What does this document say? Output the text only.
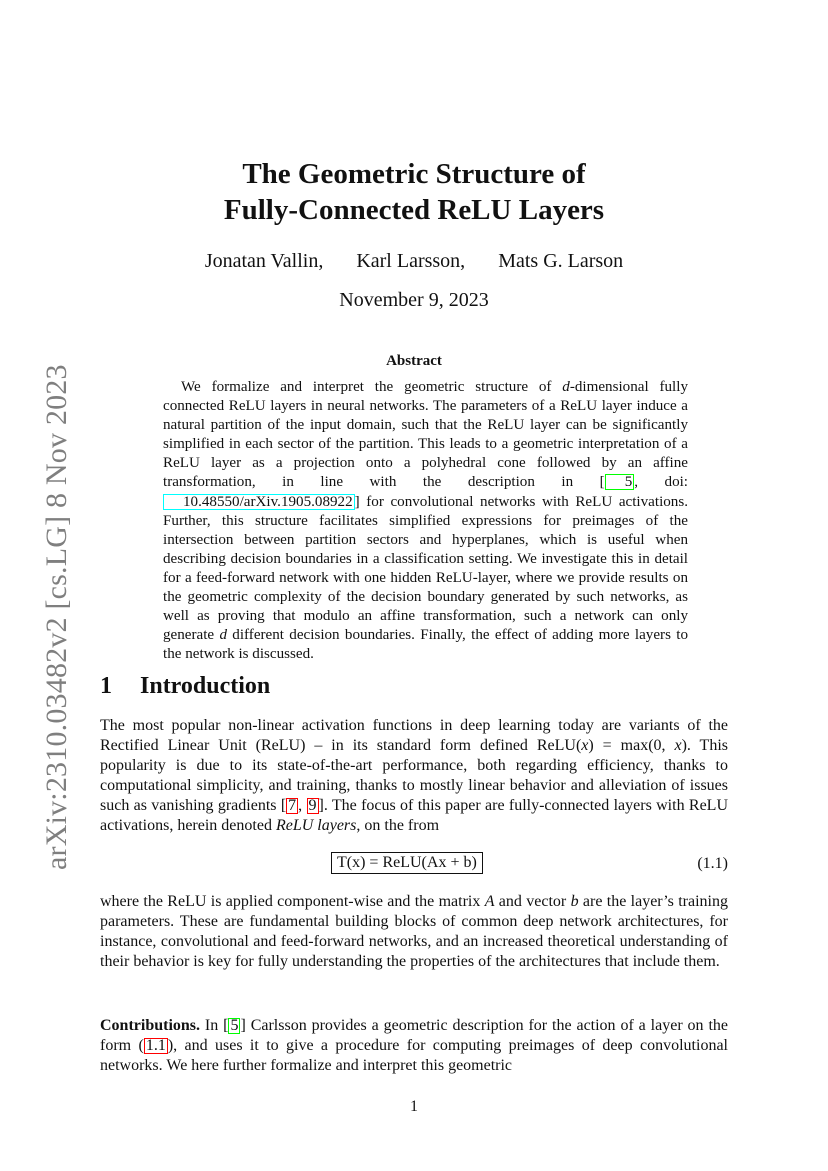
arXiv:2310.03482v2 [cs.LG] 8 Nov 2023
The Geometric Structure of
Fully-Connected ReLU Layers
Jonatan Vallin, Karl Larsson, Mats G. Larson
November 9, 2023
Abstract
We formalize and interpret the geometric structure of d-dimensional fully connected ReLU layers in neural networks. The parameters of a ReLU layer induce a natural partition of the input domain, such that the ReLU layer can be significantly simplified in each sector of the partition. This leads to a geometric interpretation of a ReLU layer as a projection onto a polyhedral cone followed by an affine transformation, in line with the description in [ 5 , doi:10.48550/arXiv.1905.08922 ] for convolutional networks with ReLU activations. Further, this structure facilitates simplified expressions for preimages of the intersection between partition sectors and hyperplanes, which is useful when describing decision boundaries in a classification setting. We investigate this in detail for a feed-forward network with one hidden ReLU-layer, where we provide results on the geometric complexity of the decision boundary generated by such networks, as well as proving that modulo an affine transformation, such a network can only generate d different decision boundaries. Finally, the effect of adding more layers to the network is discussed.
1 Introduction
The most popular non-linear activation functions in deep learning today are variants of the Rectified Linear Unit (ReLU) – in its standard form defined ReLU(x) = max(0, x). This popularity is due to its state-of-the-art performance, both regarding efficiency, thanks to computational simplicity, and training, thanks to mostly linear behavior and alleviation of issues such as vanishing gradients [ 7 , 9 ]. The focus of this paper are fully-connected layers with ReLU activations, herein denoted ReLU layers, on the from
T(x) = ReLU(Ax + b)	(1.1)
where the ReLU is applied component-wise and the matrix A and vector b are the layer’s training parameters. These are fundamental building blocks of common deep network architectures, for instance, convolutional and feed-forward networks, and an increased theoretical understanding of their behavior is key for fully understanding the properties of the architectures that include them.
Contributions. In [ 5 ] Carlsson provides a geometric description for the action of a layer on the form ( 1.1 ), and uses it to give a procedure for computing preimages of deep convolutional networks. We here further formalize and interpret this geometric
1
